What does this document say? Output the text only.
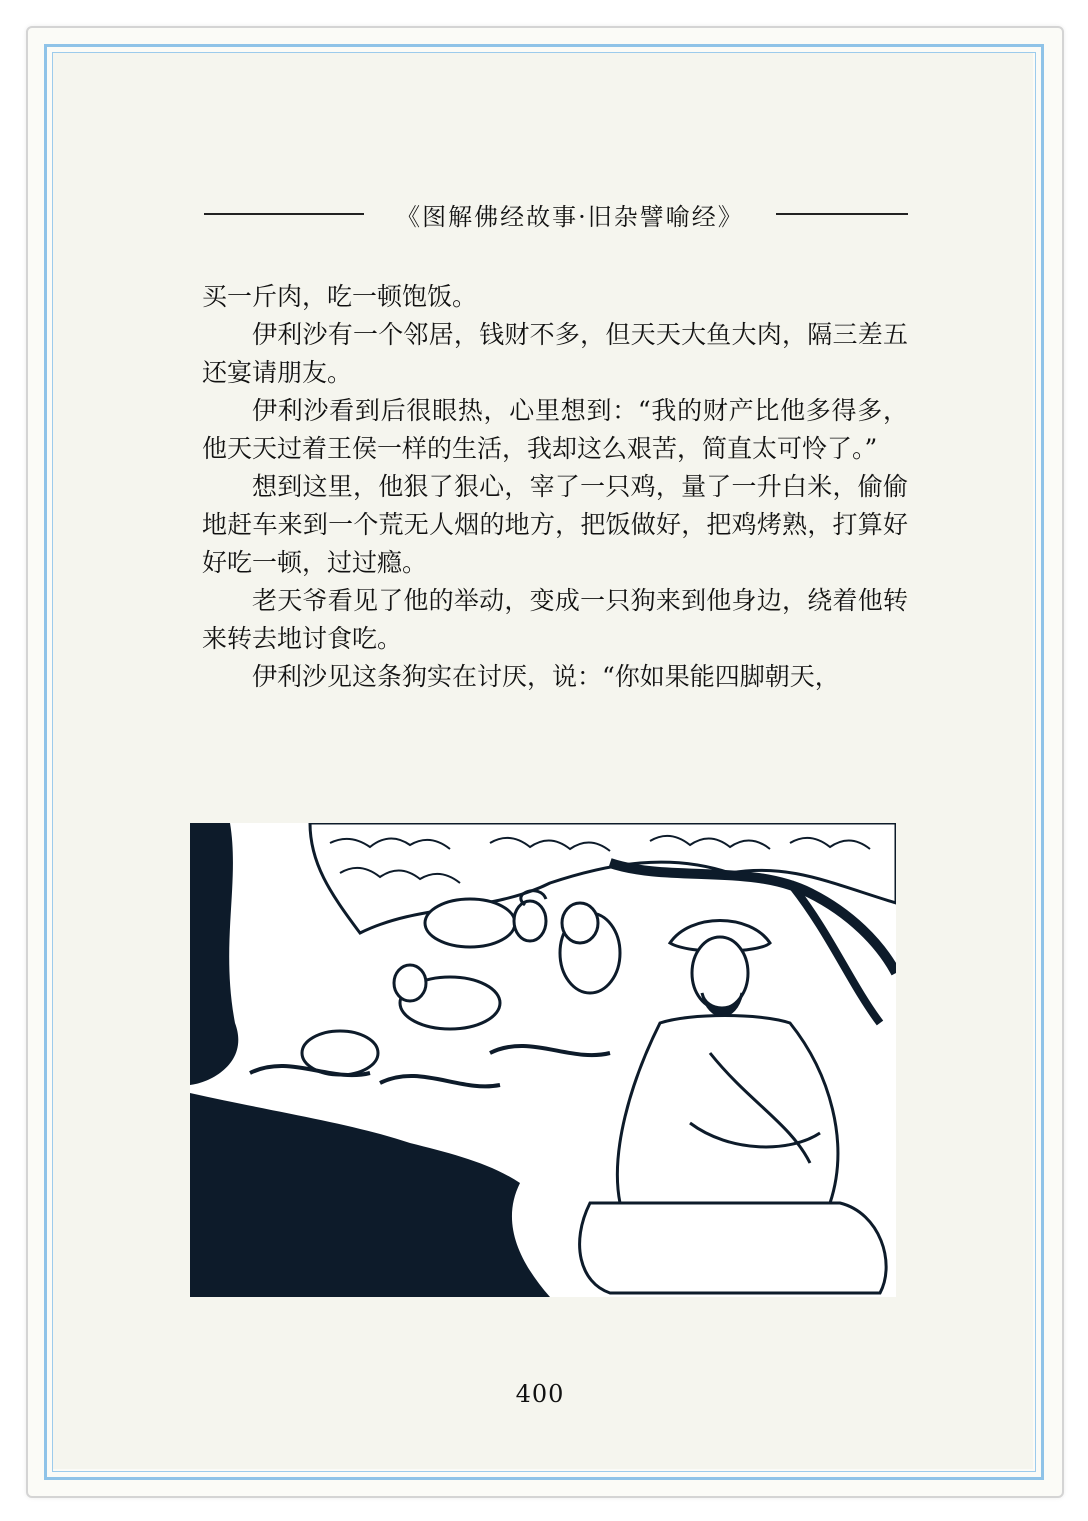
《图解佛经故事·旧杂譬喻经》

买一斤肉，吃一顿饱饭。

伊利沙有一个邻居，钱财不多，但天天大鱼大肉，隔三差五还宴请朋友。

伊利沙看到后很眼热，心里想到：“我的财产比他多得多，他天天过着王侯一样的生活，我却这么艰苦，简直太可怜了。”

想到这里，他狠了狠心，宰了一只鸡，量了一升白米，偷偷地赶车来到一个荒无人烟的地方，把饭做好，把鸡烤熟，打算好好吃一顿，过过瘾。

老天爷看见了他的举动，变成一只狗来到他身边，绕着他转来转去地讨食吃。

伊利沙见这条狗实在讨厌，说：“你如果能四脚朝天，

400
